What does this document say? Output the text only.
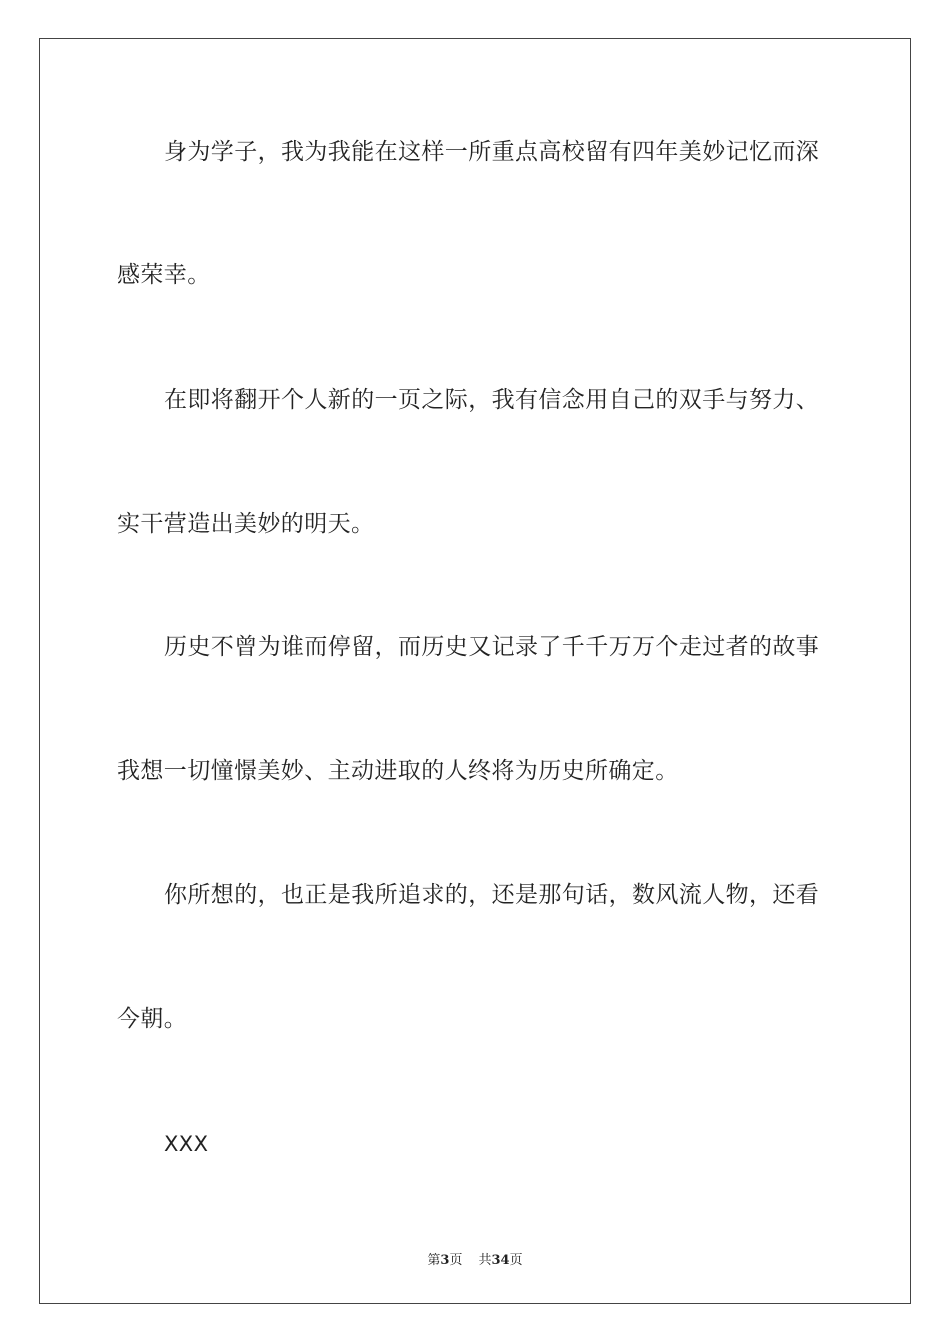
身为学子，我为我能在这样一所重点高校留有四年美妙记忆而深
感荣幸。
在即将翻开个人新的一页之际，我有信念用自己的双手与努力、
实干营造出美妙的明天。
历史不曾为谁而停留，而历史又记录了千千万万个走过者的故事
我想一切憧憬美妙、主动进取的人终将为历史所确定。
你所想的，也正是我所追求的，还是那句话，数风流人物，还看
今朝。
XXX
第3页 共34页
